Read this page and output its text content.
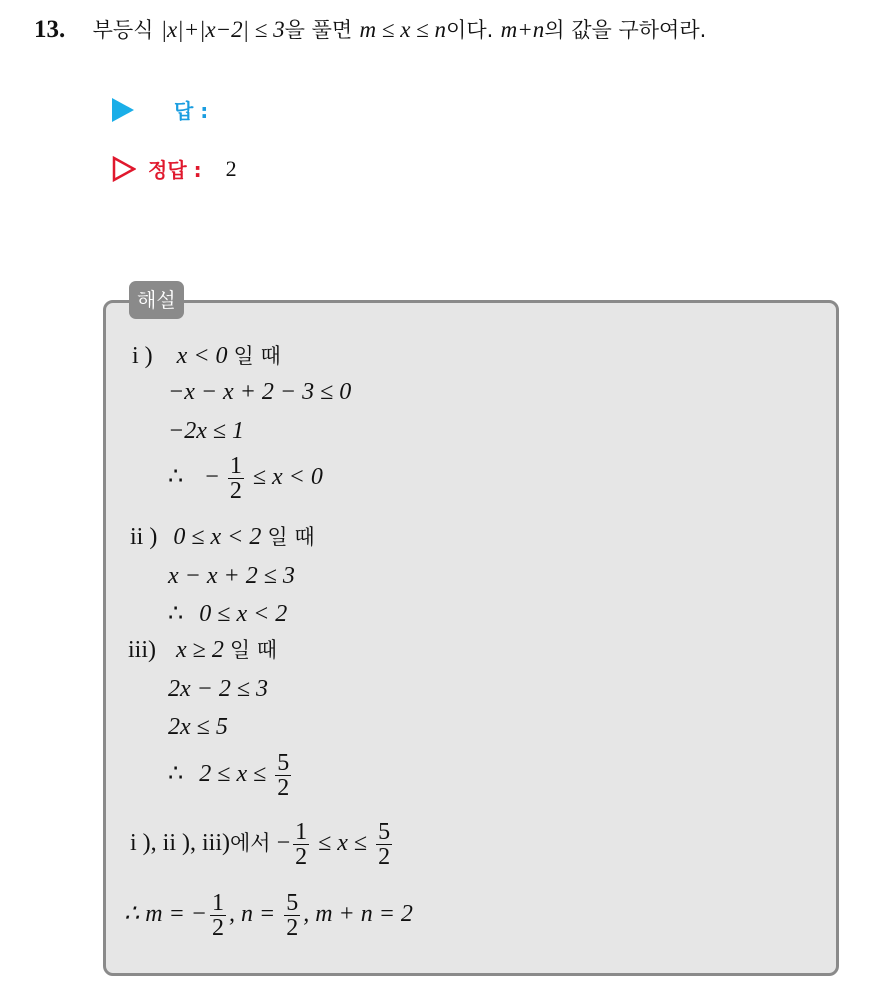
13. 부등식 |x|+|x−2| ≤ 3을 풀면 m ≤ x ≤ n이다. m+n의 값을 구하여라.
답 :
정답 : 2
해설
i ) x < 0 일 때
−x − x + 2 − 3 ≤ 0
−2x ≤ 1
∴ − $\frac{1}{2} \le x < 0$
ii ) 0 ≤ x < 2 일 때
x − x + 2 ≤ 3
∴ 0 ≤ x < 2
iii) x ≥ 2 일 때
2x − 2 ≤ 3
2x ≤ 5
∴ $2 \le x \le \frac{5}{2}$
i ), ii ), iii)에서 − $\frac{1}{2} \le x \le \frac{5}{2}$
∴ m = − $\frac{1}{2}$ , $n = \frac{5}{2}$ , m + n = 2
